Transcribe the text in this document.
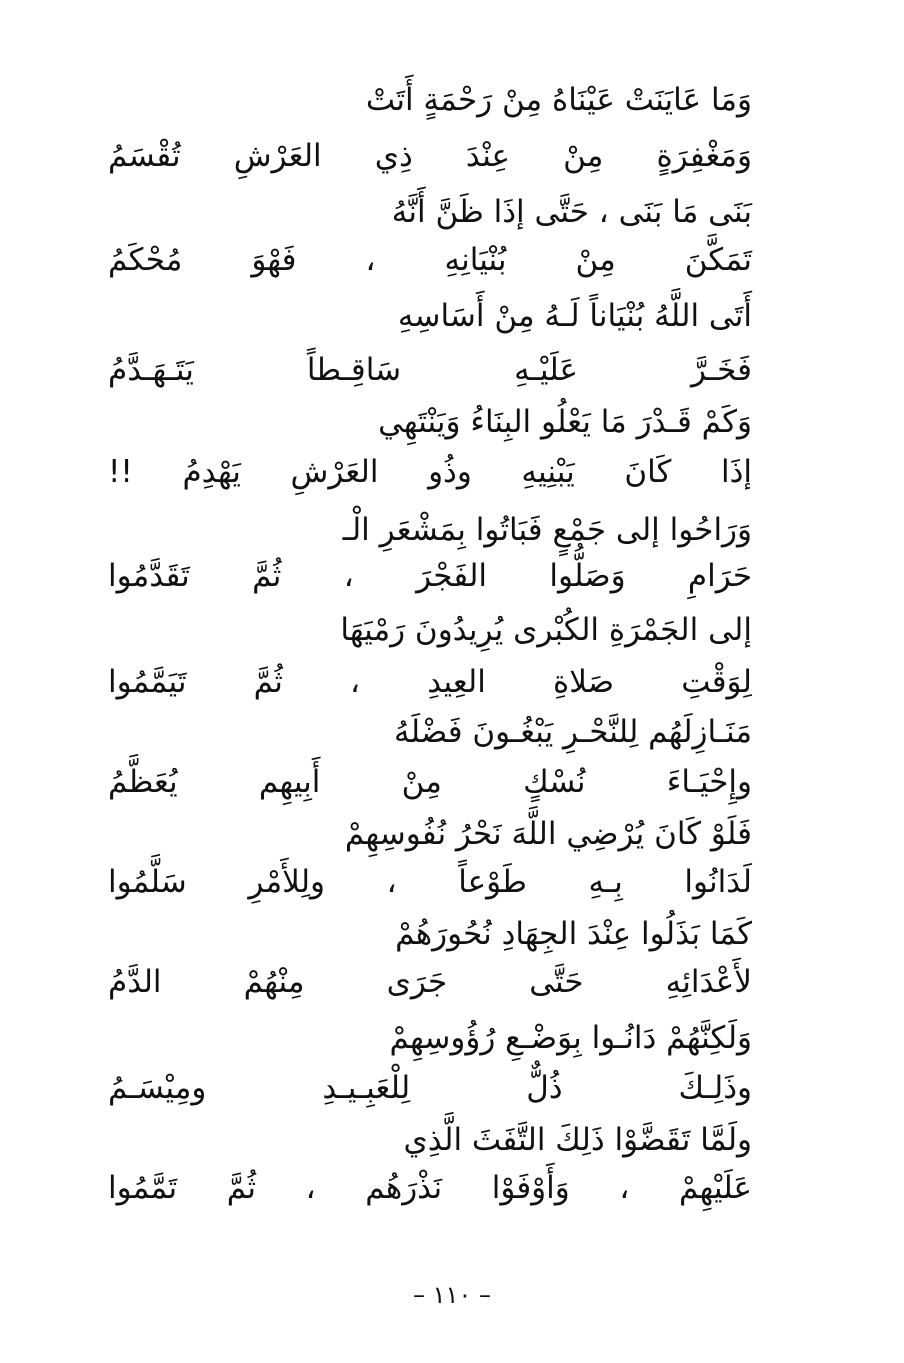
وَمَا عَايَنَتْ عَيْنَاهُ مِنْ رَحْمَةٍ أَتَتْ
وَمَغْفِرَةٍ مِنْ عِنْدَ ذِي العَرْشِ تُقْسَمُ
بَنَى مَا بَنَى ، حَتَّى إذَا ظَنَّ أَنَّهُ
تَمَكَّنَ مِنْ بُنْيَانِهِ ، فَهْوَ مُحْكَمُ
أَتَى اللَّهُ بُنْيَاناً لَـهُ مِنْ أَسَاسِهِ
فَخَـرَّ عَلَيْـهِ سَاقِـطاً يَتَـهَـدَّمُ
وَكَمْ قَـدْرَ مَا يَعْلُو البِنَاءُ وَيَنْتَهِي
إذَا كَانَ يَبْنِيهِ وذُو العَرْشِ يَهْدِمُ !!
وَرَاحُوا إلى جَمْعٍ فَبَاتُوا بِمَشْعَرِ الْـ
حَرَامِ وَصَلُّوا الفَجْرَ ، ثُمَّ تَقَدَّمُوا
إلى الجَمْرَةِ الكُبْرى يُرِيدُونَ رَمْيَهَا
لِوَقْتِ صَلاةِ العِيدِ ، ثُمَّ تَيَمَّمُوا
مَنَـازِلَهُم لِلنَّحْـرِ يَبْغُـونَ فَضْلَهُ
وإِحْيَـاءَ نُسْكٍ مِنْ أَبِيهِم يُعَظَّمُ
فَلَوْ كَانَ يُرْضِي اللَّهَ نَحْرُ نُفُوسِهِمْ
لَدَانُوا بِـهِ طَوْعاً ، ولِلأَمْرِ سَلَّمُوا
كَمَا بَذَلُوا عِنْدَ الجِهَادِ نُحُورَهُمْ
لأَعْدَائِهِ حَتَّى جَرَى مِنْهُمْ الدَّمُ
وَلَكِنَّهُمْ دَانُـوا بِوَضْـعِ رُؤُوسِهِمْ
وذَلِـكَ ذُلٌّ لِلْعَبِـيـدِ ومِيْسَـمُ
ولَمَّا تَقَضَّوْا ذَلِكَ التَّفَثَ الَّذِي
عَلَيْهِمْ ، وَأَوْفَوْا نَذْرَهُم ، ثُمَّ تَمَّمُوا
– ١١٠ –
